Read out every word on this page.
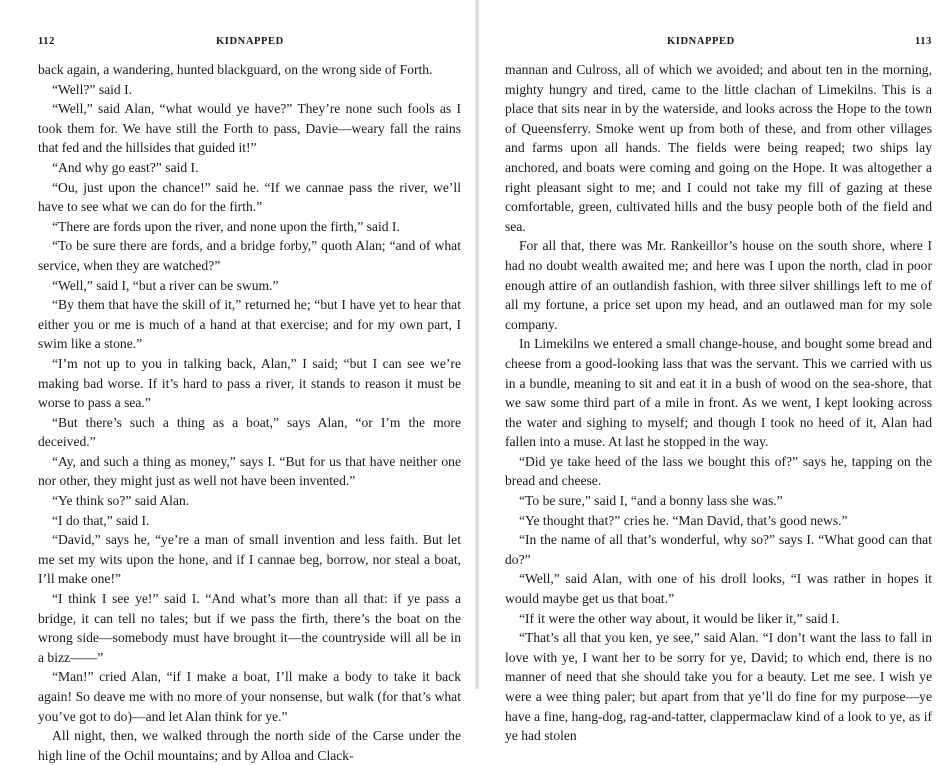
112	KIDNAPPED

back again, a wandering, hunted blackguard, on the wrong side of Forth.

“Well?” said I.

“Well,” said Alan, “what would ye have?” They’re none such fools as I took them for. We have still the Forth to pass, Davie—weary fall the rains that fed and the hillsides that guided it!”

“And why go east?” said I.

“Ou, just upon the chance!” said he. “If we cannae pass the river, we’ll have to see what we can do for the firth.”

“There are fords upon the river, and none upon the firth,” said I.

“To be sure there are fords, and a bridge forby,” quoth Alan; “and of what service, when they are watched?”

“Well,” said I, “but a river can be swum.”

“By them that have the skill of it,” returned he; “but I have yet to hear that either you or me is much of a hand at that exercise; and for my own part, I swim like a stone.”

“I’m not up to you in talking back, Alan,” I said; “but I can see we’re making bad worse. If it’s hard to pass a river, it stands to reason it must be worse to pass a sea.”

“But there’s such a thing as a boat,” says Alan, “or I’m the more deceived.”

“Ay, and such a thing as money,” says I. “But for us that have neither one nor other, they might just as well not have been invented.”

“Ye think so?” said Alan.

“I do that,” said I.

“David,” says he, “ye’re a man of small invention and less faith. But let me set my wits upon the hone, and if I cannae beg, borrow, nor steal a boat, I’ll make one!”

“I think I see ye!” said I. “And what’s more than all that: if ye pass a bridge, it can tell no tales; but if we pass the firth, there’s the boat on the wrong side—somebody must have brought it—the countryside will all be in a bizz——”

“Man!” cried Alan, “if I make a boat, I’ll make a body to take it back again! So deave me with no more of your nonsense, but walk (for that’s what you’ve got to do)—and let Alan think for ye.”

All night, then, we walked through the north side of the Carse under the high line of the Ochil mountains; and by Alloa and Clack-

KIDNAPPED	113

mannan and Culross, all of which we avoided; and about ten in the morning, mighty hungry and tired, came to the little clachan of Limekilns. This is a place that sits near in by the waterside, and looks across the Hope to the town of Queensferry. Smoke went up from both of these, and from other villages and farms upon all hands. The fields were being reaped; two ships lay anchored, and boats were coming and going on the Hope. It was altogether a right pleasant sight to me; and I could not take my fill of gazing at these comfortable, green, cultivated hills and the busy people both of the field and sea.

For all that, there was Mr. Rankeillor’s house on the south shore, where I had no doubt wealth awaited me; and here was I upon the north, clad in poor enough attire of an outlandish fashion, with three silver shillings left to me of all my fortune, a price set upon my head, and an outlawed man for my sole company.

In Limekilns we entered a small change-house, and bought some bread and cheese from a good-looking lass that was the servant. This we carried with us in a bundle, meaning to sit and eat it in a bush of wood on the sea-shore, that we saw some third part of a mile in front. As we went, I kept looking across the water and sighing to myself; and though I took no heed of it, Alan had fallen into a muse. At last he stopped in the way.

“Did ye take heed of the lass we bought this of?” says he, tapping on the bread and cheese.

“To be sure,” said I, “and a bonny lass she was.”

“Ye thought that?” cries he. “Man David, that’s good news.”

“In the name of all that’s wonderful, why so?” says I. “What good can that do?”

“Well,” said Alan, with one of his droll looks, “I was rather in hopes it would maybe get us that boat.”

“If it were the other way about, it would be liker it,” said I.

“That’s all that you ken, ye see,” said Alan. “I don’t want the lass to fall in love with ye, I want her to be sorry for ye, David; to which end, there is no manner of need that she should take you for a beauty. Let me see. I wish ye were a wee thing paler; but apart from that ye’ll do fine for my purpose—ye have a fine, hang-dog, rag-and-tatter, clappermaclaw kind of a look to ye, as if ye had stolen
